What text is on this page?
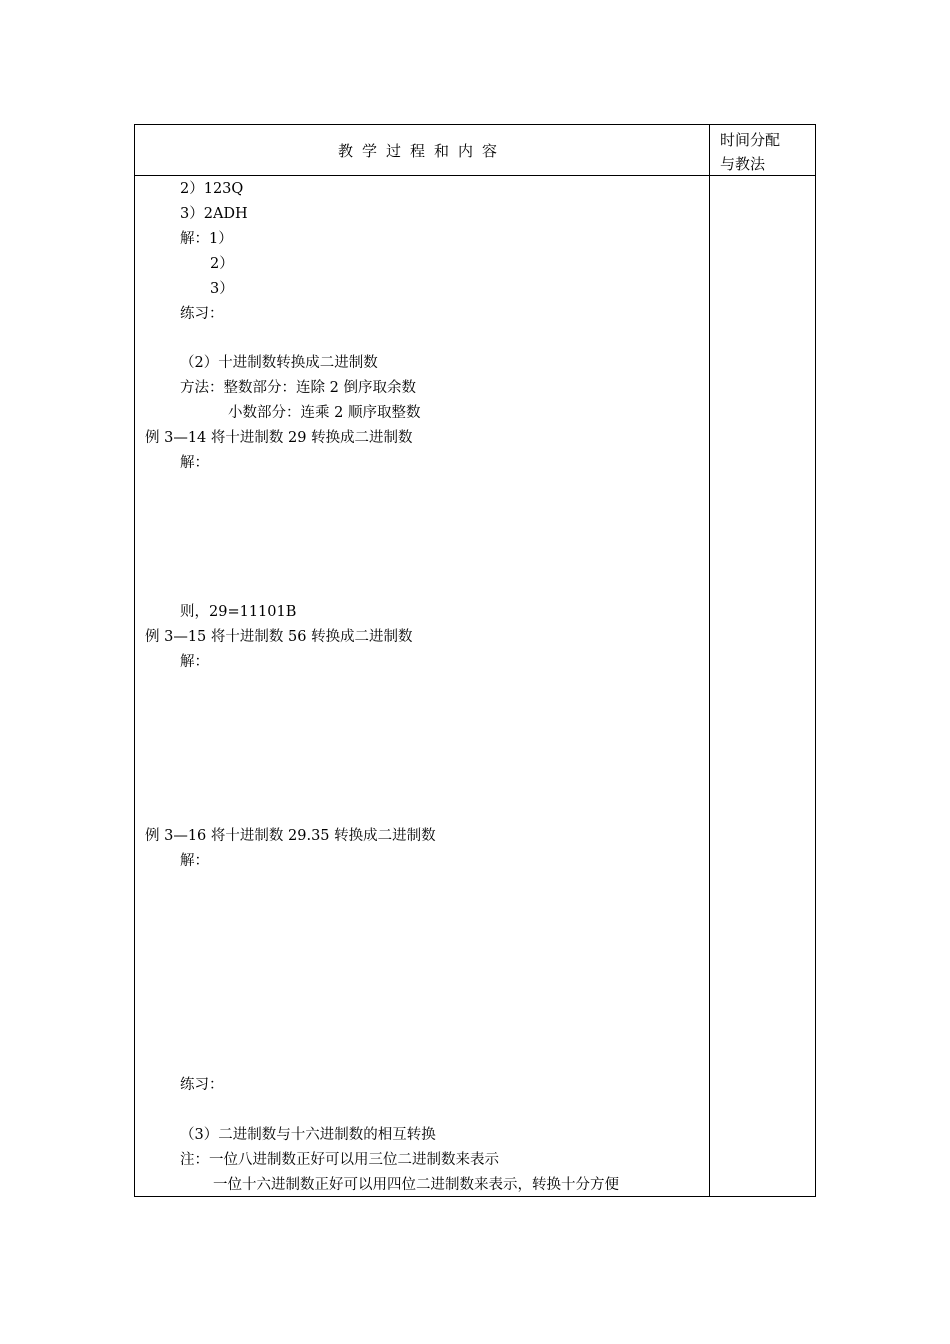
教学过程和内容
时间分配
与教法
2）123Q
3）2ADH
解：1）
2）
3）
练习：
（2）十进制数转换成二进制数
方法：整数部分：连除 2 倒序取余数
小数部分：连乘 2 顺序取整数
例 3—14 将十进制数 29 转换成二进制数
解：
则，29=11101B
例 3—15 将十进制数 56 转换成二进制数
解：
例 3—16 将十进制数 29.35 转换成二进制数
解：
练习：
（3）二进制数与十六进制数的相互转换
注：一位八进制数正好可以用三位二进制数来表示
一位十六进制数正好可以用四位二进制数来表示，转换十分方便
